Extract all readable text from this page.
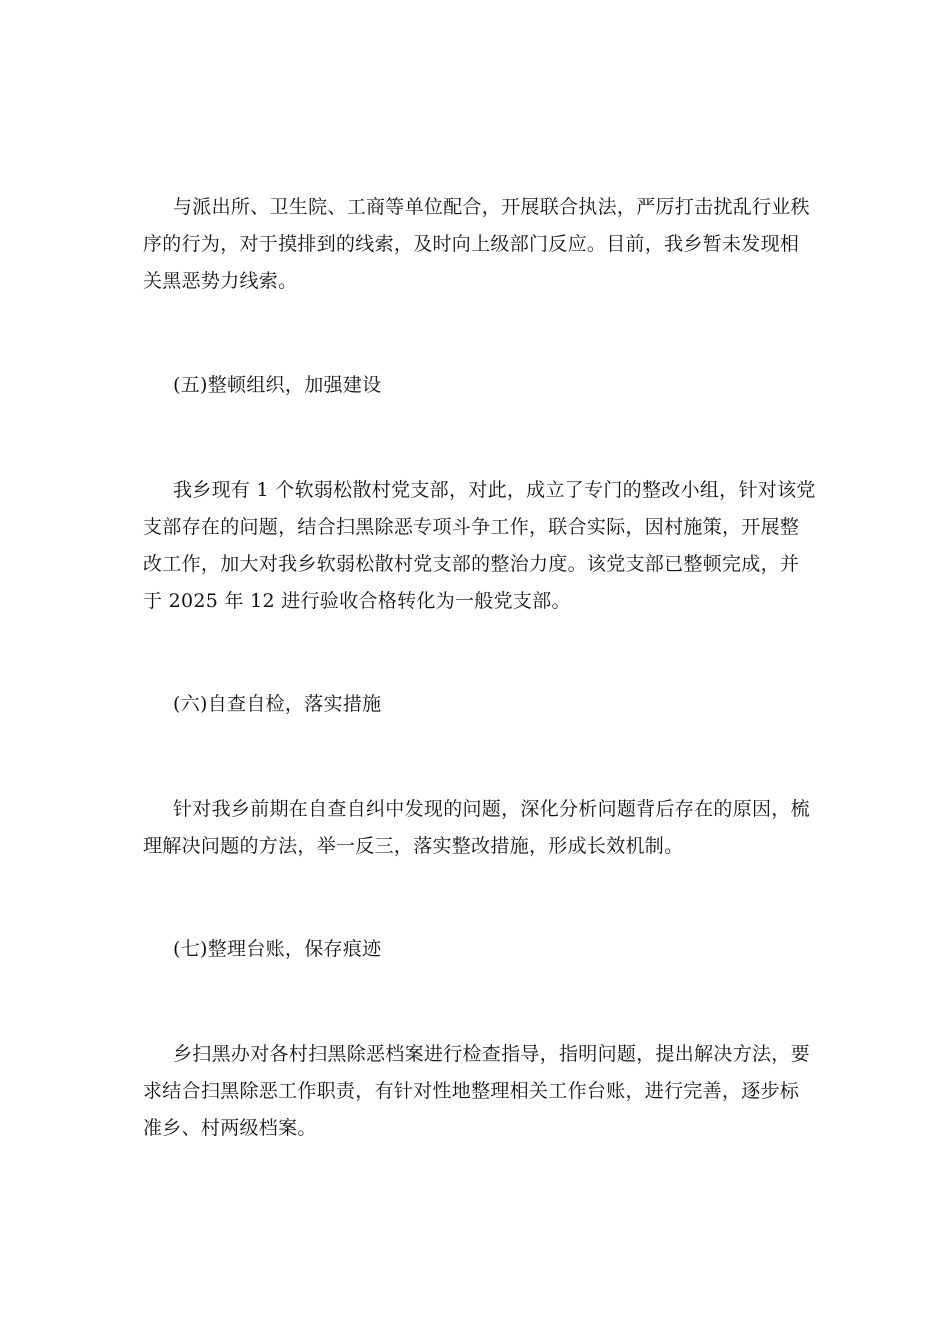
与派出所、卫生院、工商等单位配合，开展联合执法，严厉打击扰乱行业秩
序的行为，对于摸排到的线索，及时向上级部门反应。目前，我乡暂未发现相
关黑恶势力线索。
(五)整顿组织，加强建设
我乡现有 1 个软弱松散村党支部，对此，成立了专门的整改小组，针对该党
支部存在的问题，结合扫黑除恶专项斗争工作，联合实际，因村施策，开展整
改工作，加大对我乡软弱松散村党支部的整治力度。该党支部已整顿完成，并
于 2025 年 12 进行验收合格转化为一般党支部。
(六)自查自检，落实措施
针对我乡前期在自查自纠中发现的问题，深化分析问题背后存在的原因，梳
理解决问题的方法，举一反三，落实整改措施，形成长效机制。
(七)整理台账，保存痕迹
乡扫黑办对各村扫黑除恶档案进行检查指导，指明问题，提出解决方法，要
求结合扫黑除恶工作职责，有针对性地整理相关工作台账，进行完善，逐步标
准乡、村两级档案。
